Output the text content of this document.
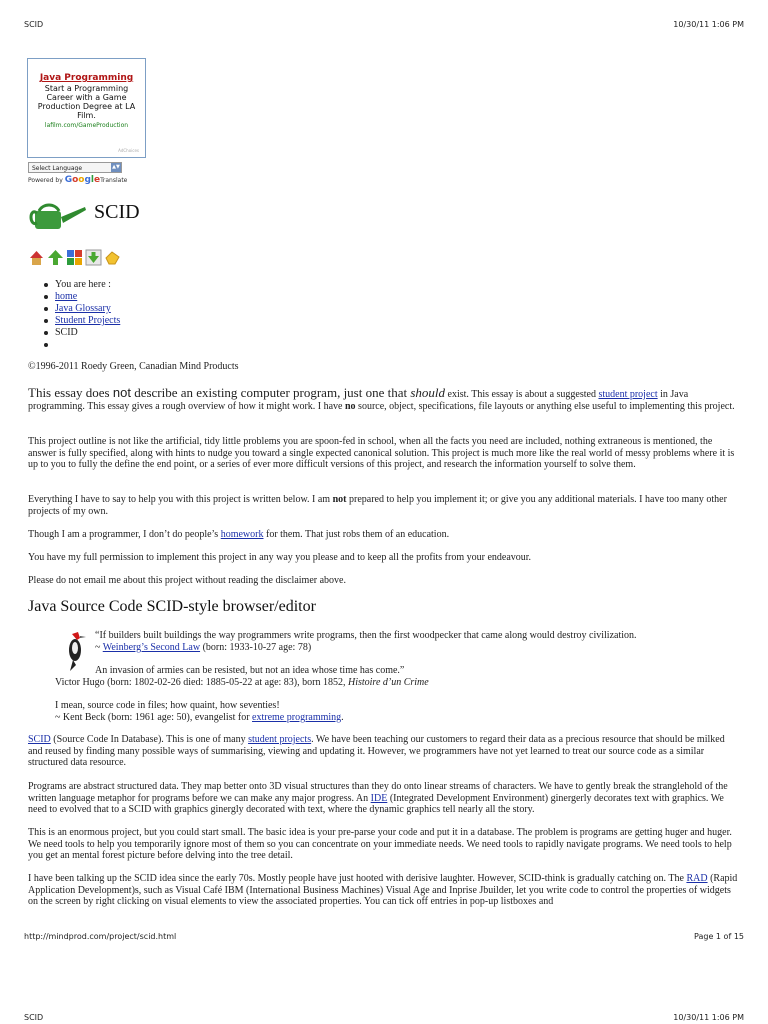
SCID	10/30/11 1:06 PM
Java Programming
Start a Programming Career with a Game Production Degree at LA Film.
lafilm.com/GameProduction
AdChoices
Select Language	▲▼
Powered by GoogleTranslate
SCID
You are here :
home
Java Glossary
Student Projects
SCID

©1996-2011 Roedy Green, Canadian Mind Products
This essay does not describe an existing computer program, just one that should exist. This essay is about a suggested student project in Java programming. This essay gives a rough overview of how it might work. I have no source, object, specifications, file layouts or anything else useful to implementing this project.
This project outline is not like the artificial, tidy little problems you are spoon-fed in school, when all the facts you need are included, nothing extraneous is mentioned, the answer is fully specified, along with hints to nudge you toward a single expected canonical solution. This project is much more like the real world of messy problems where it is up to you to fully the define the end point, or a series of ever more difficult versions of this project, and research the information yourself to solve them.
Everything I have to say to help you with this project is written below. I am not prepared to help you implement it; or give you any additional materials. I have too many other projects of my own.
Though I am a programmer, I don’t do people’s homework for them. That just robs them of an education.
You have my full permission to implement this project in any way you please and to keep all the profits from your endeavour.
Please do not email me about this project without reading the disclaimer above.
Java Source Code SCID-style browser/editor
“If builders built buildings the way programmers write programs, then the first woodpecker that came along would destroy civilization.
~ Weinberg’s Second Law (born: 1933-10-27 age: 78)
An invasion of armies can be resisted, but not an idea whose time has come.”
Victor Hugo (born: 1802-02-26 died: 1885-05-22 at age: 83), born 1852, Histoire d’un Crime
I mean, source code in files; how quaint, how seventies!
~ Kent Beck (born: 1961 age: 50), evangelist for extreme programming.
SCID (Source Code In Database). This is one of many student projects. We have been teaching our customers to regard their data as a precious resource that should be milked and reused by finding many possible ways of summarising, viewing and updating it. However, we programmers have not yet learned to treat our source code as a similar structured data resource.
Programs are abstract structured data. They map better onto 3D visual structures than they do onto linear streams of characters. We have to gently break the stranglehold of the written language metaphor for programs before we can make any major progress. An IDE (Integrated Development Environment) ginergerly decorates text with graphics. We need to evolved that to a SCID with graphics ginergly decorated with text, where the dynamic graphics tell nearly all the story.
This is an enormous project, but you could start small. The basic idea is your pre-parse your code and put it in a database. The problem is programs are getting huger and huger. We need tools to help you temporarily ignore most of them so you can concentrate on your immediate needs. We need tools to rapidly navigate programs. We need tools to help you get an mental forest picture before delving into the tree detail.
I have been talking up the SCID idea since the early 70s. Mostly people have just hooted with derisive laughter. However, SCID-think is gradually catching on. The RAD (Rapid Application Development)s, such as Visual Café IBM (International Business Machines) Visual Age and Inprise Jbuilder, let you write code to control the properties of widgets on the screen by right clicking on visual elements to view the associated properties. You can tick off entries in pop-up listboxes and
http://mindprod.com/project/scid.html	Page 1 of 15
SCID	10/30/11 1:06 PM
